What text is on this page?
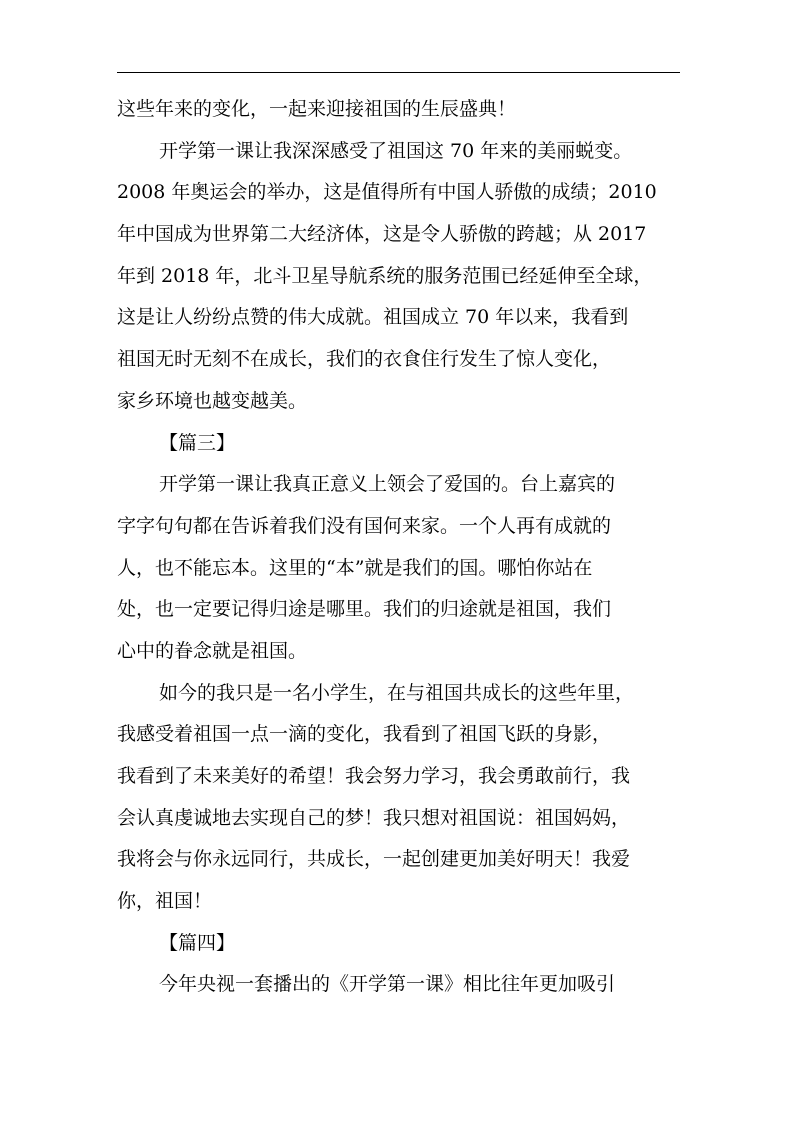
这些年来的变化，一起来迎接祖国的生辰盛典！
开学第一课让我深深感受了祖国这 70 年来的美丽蜕变。
2008 年奥运会的举办，这是值得所有中国人骄傲的成绩；2010
年中国成为世界第二大经济体，这是令人骄傲的跨越；从 2017
年到 2018 年，北斗卫星导航系统的服务范围已经延伸至全球，
这是让人纷纷点赞的伟大成就。祖国成立 70 年以来，我看到
祖国无时无刻不在成长，我们的衣食住行发生了惊人变化，
家乡环境也越变越美。
【篇三】
开学第一课让我真正意义上领会了爱国的。台上嘉宾的
字字句句都在告诉着我们没有国何来家。一个人再有成就的
人，也不能忘本。这里的“本”就是我们的国。哪怕你站在
处，也一定要记得归途是哪里。我们的归途就是祖国，我们
心中的眷念就是祖国。
如今的我只是一名小学生，在与祖国共成长的这些年里，
我感受着祖国一点一滴的变化，我看到了祖国飞跃的身影，
我看到了未来美好的希望！我会努力学习，我会勇敢前行，我
会认真虔诚地去实现自己的梦！我只想对祖国说：祖国妈妈，
我将会与你永远同行，共成长，一起创建更加美好明天！我爱
你，祖国！
【篇四】
今年央视一套播出的《开学第一课》相比往年更加吸引
